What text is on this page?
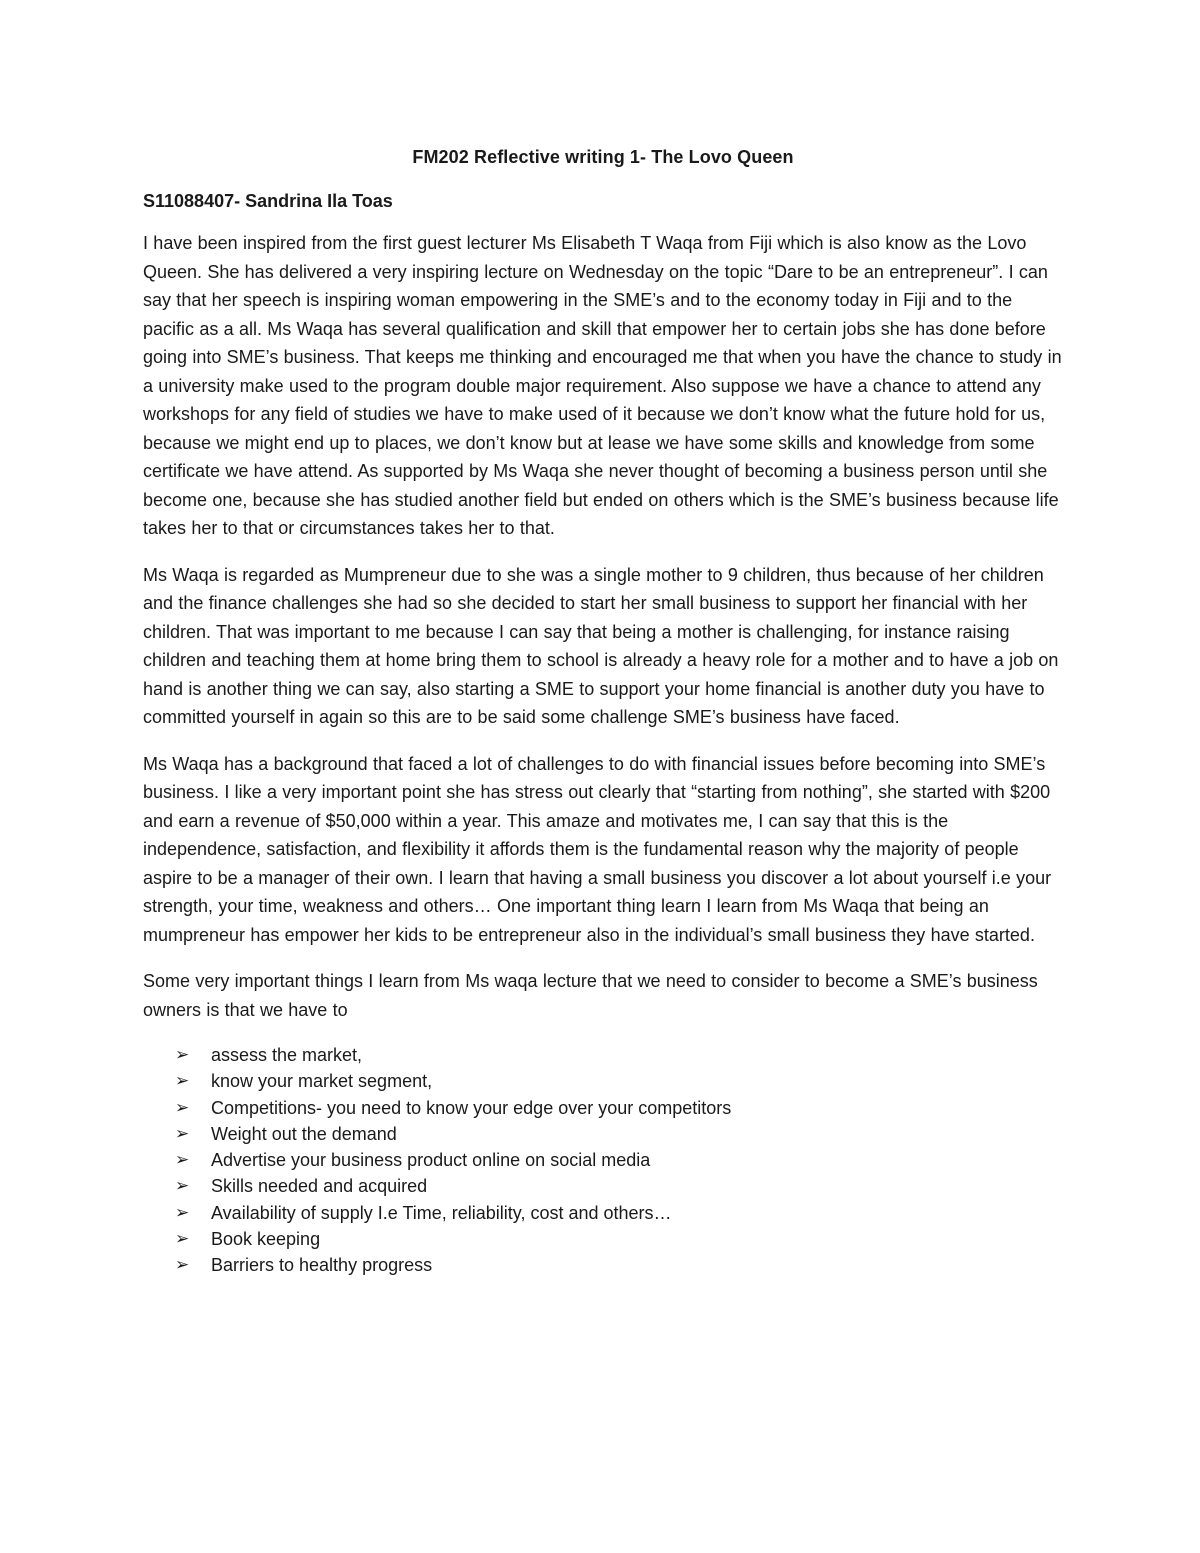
FM202 Reflective writing 1- The Lovo Queen

S11088407- Sandrina Ila Toas

I have been inspired from the first guest lecturer Ms Elisabeth T Waqa from Fiji which is also know as the Lovo Queen. She has delivered a very inspiring lecture on Wednesday on the topic “Dare to be an entrepreneur”. I can say that her speech is inspiring woman empowering in the SME’s and to the economy today in Fiji and to the pacific as a all. Ms Waqa has several qualification and skill that empower her to certain jobs she has done before going into SME’s business. That keeps me thinking and encouraged me that when you have the chance to study in a university make used to the program double major requirement. Also suppose we have a chance to attend any workshops for any field of studies we have to make used of it because we don’t know what the future hold for us, because we might end up to places, we don’t know but at lease we have some skills and knowledge from some certificate we have attend. As supported by Ms Waqa she never thought of becoming a business person until she become one, because she has studied another field but ended on others which is the SME’s business because life takes her to that or circumstances takes her to that.

Ms Waqa is regarded as Mumpreneur due to she was a single mother to 9 children, thus because of her children and the finance challenges she had so she decided to start her small business to support her financial with her children. That was important to me because I can say that being a mother is challenging, for instance raising children and teaching them at home bring them to school is already a heavy role for a mother and to have a job on hand is another thing we can say, also starting a SME to support your home financial is another duty you have to committed yourself in again so this are to be said some challenge SME’s business have faced.

Ms Waqa has a background that faced a lot of challenges to do with financial issues before becoming into SME’s business. I like a very important point she has stress out clearly that “starting from nothing”, she started with $200 and earn a revenue of $50,000 within a year. This amaze and motivates me, I can say that this is the independence, satisfaction, and flexibility it affords them is the fundamental reason why the majority of people aspire to be a manager of their own. I learn that having a small business you discover a lot about yourself i.e your strength, your time, weakness and others… One important thing learn I learn from Ms Waqa that being an mumpreneur has empower her kids to be entrepreneur also in the individual’s small business they have started.

Some very important things I learn from Ms waqa lecture that we need to consider to become a SME’s business owners is that we have to

➢ assess the market,
➢ know your market segment,
➢ Competitions- you need to know your edge over your competitors
➢ Weight out the demand
➢ Advertise your business product online on social media
➢ Skills needed and acquired
➢ Availability of supply I.e Time, reliability, cost and others…
➢ Book keeping
➢ Barriers to healthy progress
